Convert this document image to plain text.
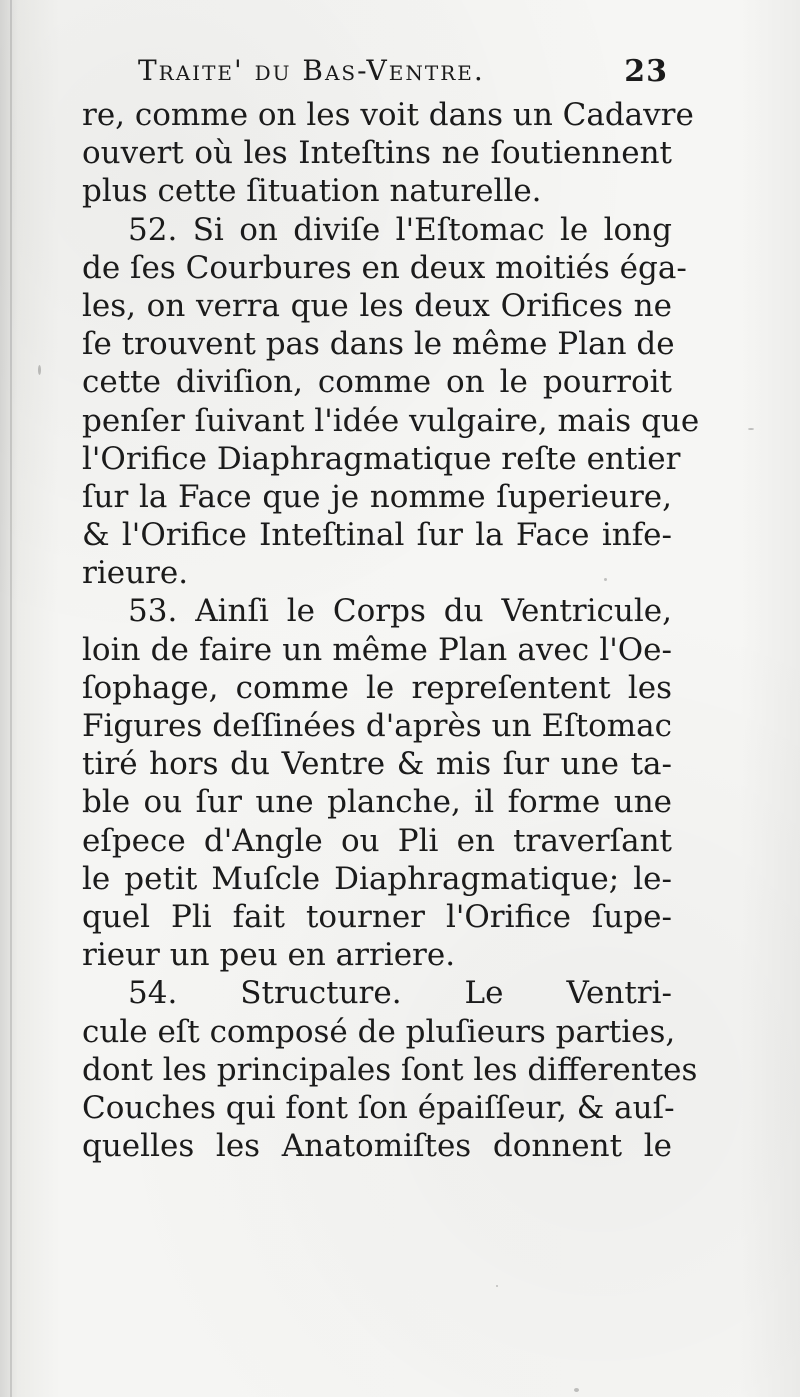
Traite' du Bas-Ventre.	23
re, comme on les voit dans un Cadavre
ouvert où les Inteſtins ne ſoutiennent
plus cette ſituation naturelle.
52. Si on diviſe l'Eſtomac le long
de ſes Courbures en deux moitiés éga-
les, on verra que les deux Orifices ne
ſe trouvent pas dans le même Plan de
cette diviſion, comme on le pourroit
penſer ſuivant l'idée vulgaire, mais que
l'Orifice Diaphragmatique reſte entier
ſur la Face que je nomme ſuperieure,
& l'Orifice Inteſtinal ſur la Face infe-
rieure.
53. Ainſi le Corps du Ventricule,
loin de faire un même Plan avec l'Oe-
ſophage, comme le repreſentent les
Figures deſſinées d'après un Eſtomac
tiré hors du Ventre & mis ſur une ta-
ble ou ſur une planche, il forme une
eſpece d'Angle ou Pli en traverſant
le petit Muſcle Diaphragmatique; le-
quel Pli fait tourner l'Orifice ſupe-
rieur un peu en arriere.
54. Structure. Le Ventri-
cule eſt composé de pluſieurs parties,
dont les principales ſont les differentes
Couches qui font ſon épaiſſeur, & auſ-
quelles les Anatomiſtes donnent le
